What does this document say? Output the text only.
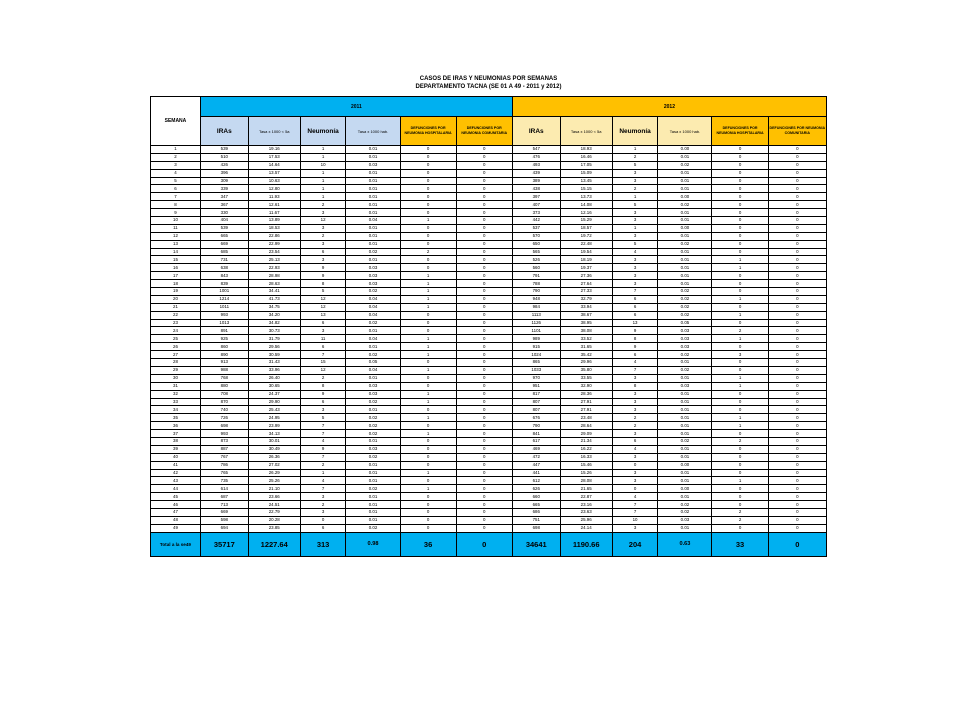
CASOS DE IRAS Y NEUMONIAS POR SEMANAS
DEPARTAMENTO TACNA (SE 01 A 49 - 2011 y 2012)
SEMANA	2011						2012					
	IRAs	Tasa x 1000 < 5a	Neumonía	Tasa x 1000 hab.	DEFUNCIONES POR NEUMONIA HOSPITALARIA	DEFUNCIONES POR NEUMONIA COMUNITARIA	IRAs	Tasa x 1000 < 5a	Neumonía	Tasa x 1000 hab.	DEFUNCIONES POR NEUMONIA HOSPITALARIA	DEFUNCIONES POR NEUMONIA COMUNITARIA
1	539	19.16	1	0.01	0	0	547	18.93	1	0.00	0	0
2	510	17.53	1	0.01	0	0	476	16.46	2	0.01	0	0
3	426	14.64	10	0.03	0	0	493	17.05	5	0.02	0	0
4	396	13.57	1	0.01	0	0	439	15.09	3	0.01	0	0
5	309	10.63	1	0.01	0	0	389	13.45	3	0.01	0	0
6	339	12.80	1	0.01	0	0	438	15.15	2	0.01	0	0
7	347	11.93	1	0.01	0	0	397	13.73	1	0.00	0	0
8	367	12.61	2	0.01	0	0	407	14.08	5	0.02	0	0
9	330	11.67	3	0.01	0	0	373	12.16	3	0.01	0	0
10	404	13.89	12	0.04	1	0	442	15.29	3	0.01	0	0
11	539	18.53	3	0.01	0	0	537	18.57	1	0.00	0	0
12	665	22.86	2	0.01	0	0	570	19.72	3	0.01	0	0
13	669	22.99	3	0.01	0	0	650	22.48	5	0.02	0	0
14	685	23.54	6	0.02	2	0	565	19.54	4	0.01	0	0
15	731	25.13	3	0.01	0	0	526	18.19	3	0.01	1	0
16	638	22.93	9	0.03	0	0	560	19.37	3	0.01	1	0
17	843	28.98	9	0.03	1	0	791	27.36	3	0.01	0	0
18	839	28.63	8	0.03	1	0	788	27.64	3	0.01	0	0
19	1001	34.41	5	0.02	1	0	790	27.33	7	0.02	0	0
20	1214	41.73	12	0.04	1	0	948	32.79	6	0.02	1	0
21	1011	34.75	12	0.04	1	0	984	33.94	6	0.02	0	0
22	993	34.20	13	0.04	0	0	1113	38.67	6	0.02	1	0
23	1013	34.82	6	0.02	0	0	1126	38.95	13	0.05	0	0
24	891	30.73	3	0.01	0	0	1101	38.08	9	0.03	2	0
25	925	31.79	11	0.04	1	0	989	33.52	8	0.03	1	0
26	860	29.56	6	0.01	1	0	915	31.65	9	0.03	0	0
27	890	30.59	7	0.02	1	0	1024	35.42	6	0.02	3	0
28	913	31.43	15	0.05	0	0	865	29.96	4	0.01	0	0
29	988	33.96	12	0.04	1	0	1033	35.80	7	0.02	0	0
30	768	26.40	2	0.01	0	0	970	33.55	3	0.01	1	0
31	880	30.65	8	0.03	0	0	951	32.90	8	0.03	1	0
32	708	24.37	9	0.03	1	0	817	28.36	3	0.01	0	0
33	870	29.90	6	0.02	1	0	807	27.91	3	0.01	0	0
34	740	25.43	3	0.01	0	0	807	27.91	3	0.01	0	0
35	726	24.95	5	0.02	1	0	676	23.48	2	0.01	1	0
36	698	23.99	7	0.02	0	0	790	28.64	2	0.01	1	0
37	993	34.13	7	0.02	1	0	841	29.09	3	0.01	0	0
38	873	30.01	4	0.01	0	0	617	21.34	6	0.02	2	0
39	887	30.49	9	0.03	0	0	469	16.22	4	0.01	0	0
40	767	26.36	7	0.02	0	0	472	16.33	3	0.01	0	0
41	786	27.02	2	0.01	0	0	447	15.46	0	0.00	0	0
42	765	26.29	1	0.01	1	0	441	15.26	3	0.01	0	0
43	735	25.26	4	0.01	0	0	612	28.08	3	0.01	1	0
44	614	21.10	7	0.02	1	0	626	21.65	0	0.00	0	0
45	687	23.66	3	0.01	0	0	660	22.87	4	0.01	0	0
46	713	24.51	2	0.01	0	0	665	23.16	7	0.02	0	0
47	669	22.79	3	0.01	0	0	686	23.63	7	0.02	2	0
48	598	20.28	0	0.01	0	0	751	25.96	10	0.03	2	0
49	694	23.85	6	0.02	0	0	698	24.14	3	0.01	0	0
Total a la se49	35717	1227.64	313	0.98	36	0	34641	1190.66	204	0.63	33	0
